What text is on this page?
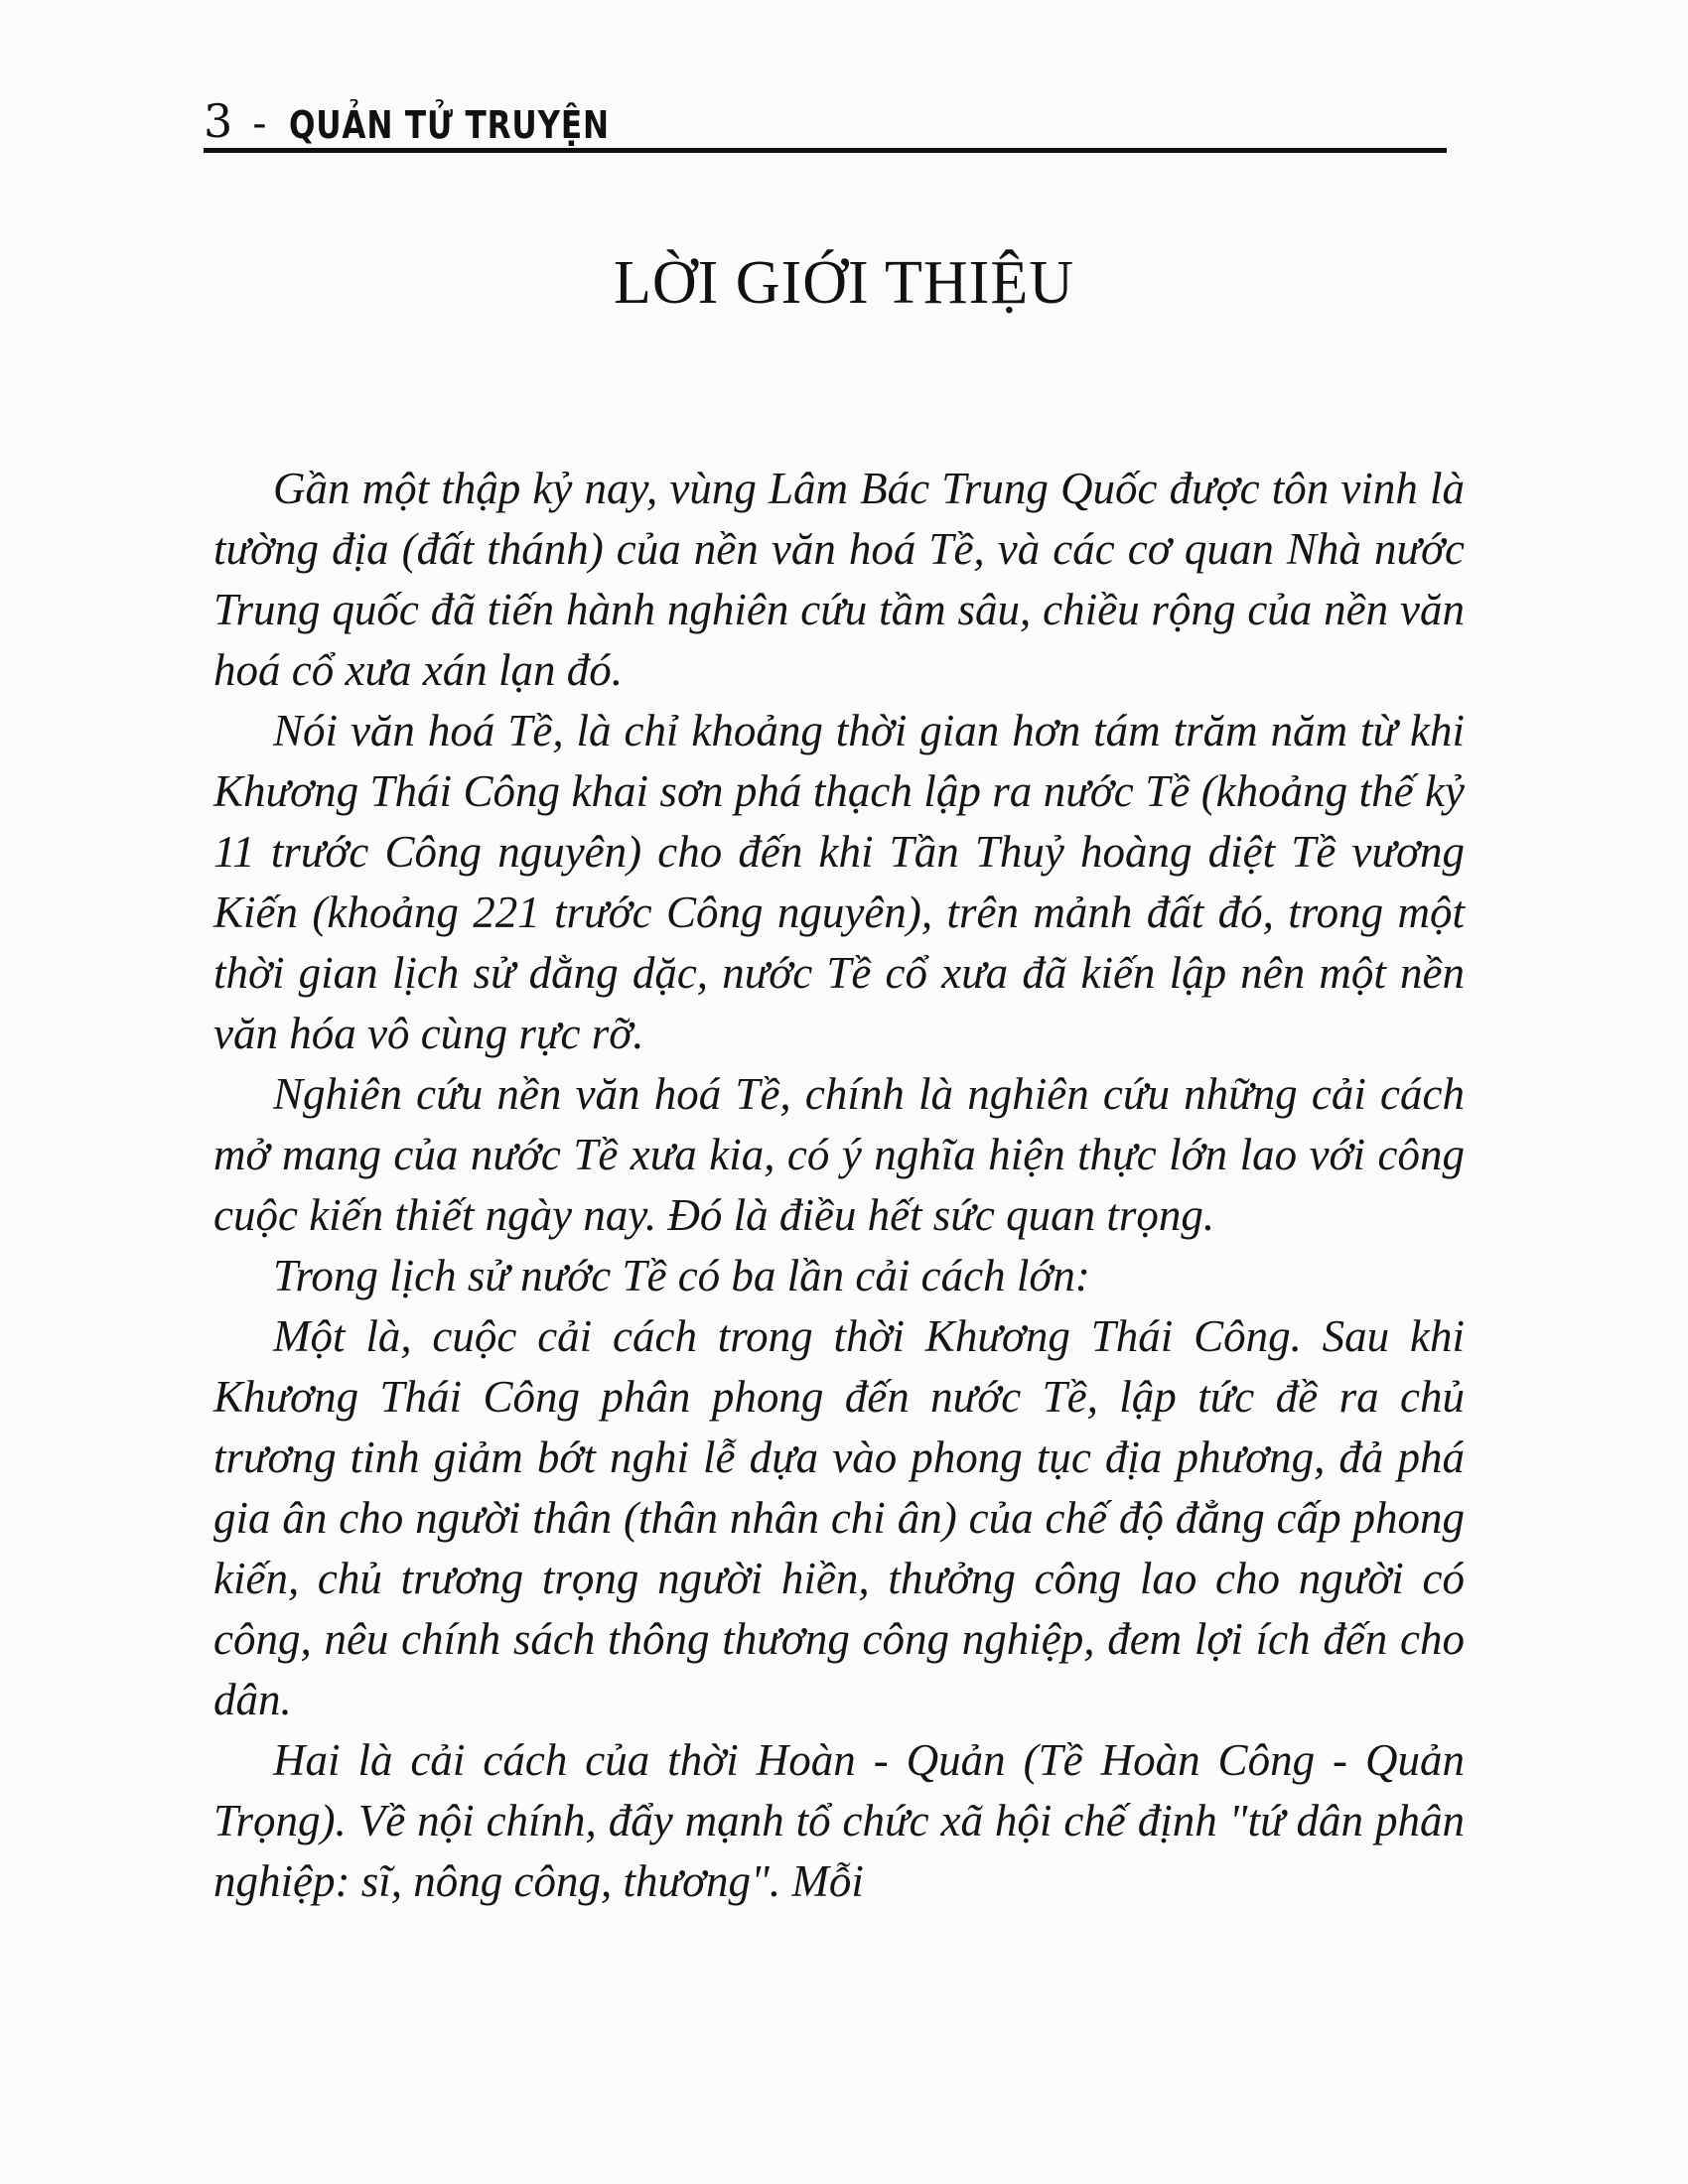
3 - QUẢN TỬ TRUYỆN
LỜI GIỚI THIỆU

Gần một thập kỷ nay, vùng Lâm Bác Trung Quốc được tôn vinh là tường địa (đất thánh) của nền văn hoá Tề, và các cơ quan Nhà nước Trung quốc đã tiến hành nghiên cứu tầm sâu, chiều rộng của nền văn hoá cổ xưa xán lạn đó.

Nói văn hoá Tề, là chỉ khoảng thời gian hơn tám trăm năm từ khi Khương Thái Công khai sơn phá thạch lập ra nước Tề (khoảng thế kỷ 11 trước Công nguyên) cho đến khi Tần Thuỷ hoàng diệt Tề vương Kiến (khoảng 221 trước Công nguyên), trên mảnh đất đó, trong một thời gian lịch sử dằng dặc, nước Tề cổ xưa đã kiến lập nên một nền văn hóa vô cùng rực rỡ.

Nghiên cứu nền văn hoá Tề, chính là nghiên cứu những cải cách mở mang của nước Tề xưa kia, có ý nghĩa hiện thực lớn lao với công cuộc kiến thiết ngày nay. Đó là điều hết sức quan trọng.

Trong lịch sử nước Tề có ba lần cải cách lớn:

Một là, cuộc cải cách trong thời Khương Thái Công. Sau khi Khương Thái Công phân phong đến nước Tề, lập tức đề ra chủ trương tinh giảm bớt nghi lễ dựa vào phong tục địa phương, đả phá gia ân cho người thân (thân nhân chi ân) của chế độ đẳng cấp phong kiến, chủ trương trọng người hiền, thưởng công lao cho người có công, nêu chính sách thông thương công nghiệp, đem lợi ích đến cho dân.

Hai là cải cách của thời Hoàn - Quản (Tề Hoàn Công - Quản Trọng). Về nội chính, đẩy mạnh tổ chức xã hội chế định "tứ dân phân nghiệp: sĩ, nông công, thương". Mỗi
